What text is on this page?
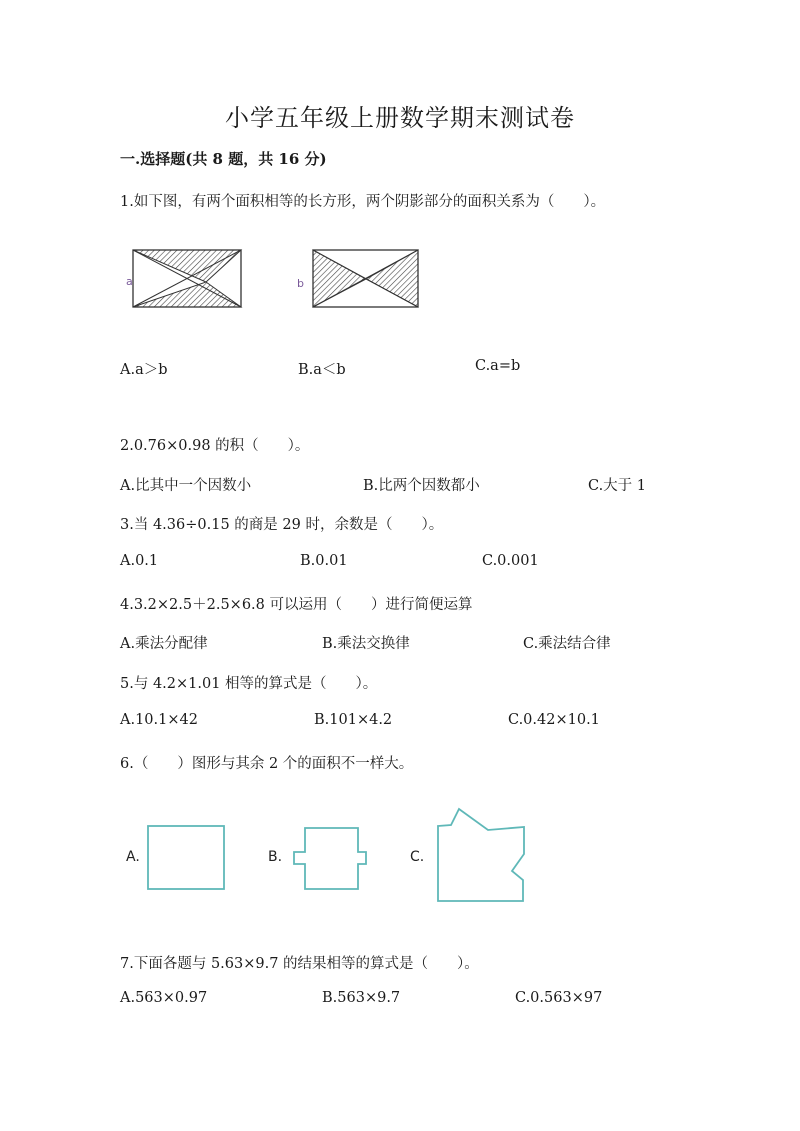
小学五年级上册数学期末测试卷
一.选择题(共 8 题，共 16 分)
1.如下图，有两个面积相等的长方形，两个阴影部分的面积关系为（　　）。
a	b
A.a＞b	B.a＜b	C.a=b
2.0.76×0.98 的积（　　）。
A.比其中一个因数小	B.比两个因数都小	C.大于 1
3.当 4.36÷0.15 的商是 29 时，余数是（　　）。
A.0.1	B.0.01	C.0.001
4.3.2×2.5＋2.5×6.8 可以运用（　　）进行简便运算
A.乘法分配律	B.乘法交换律	C.乘法结合律
5.与 4.2×1.01 相等的算式是（　　）。
A.10.1×42	B.101×4.2	C.0.42×10.1
6.（　　）图形与其余 2 个的面积不一样大。
A.	B.	C.
7.下面各题与 5.63×9.7 的结果相等的算式是（　　）。
A.563×0.97	B.563×9.7	C.0.563×97
